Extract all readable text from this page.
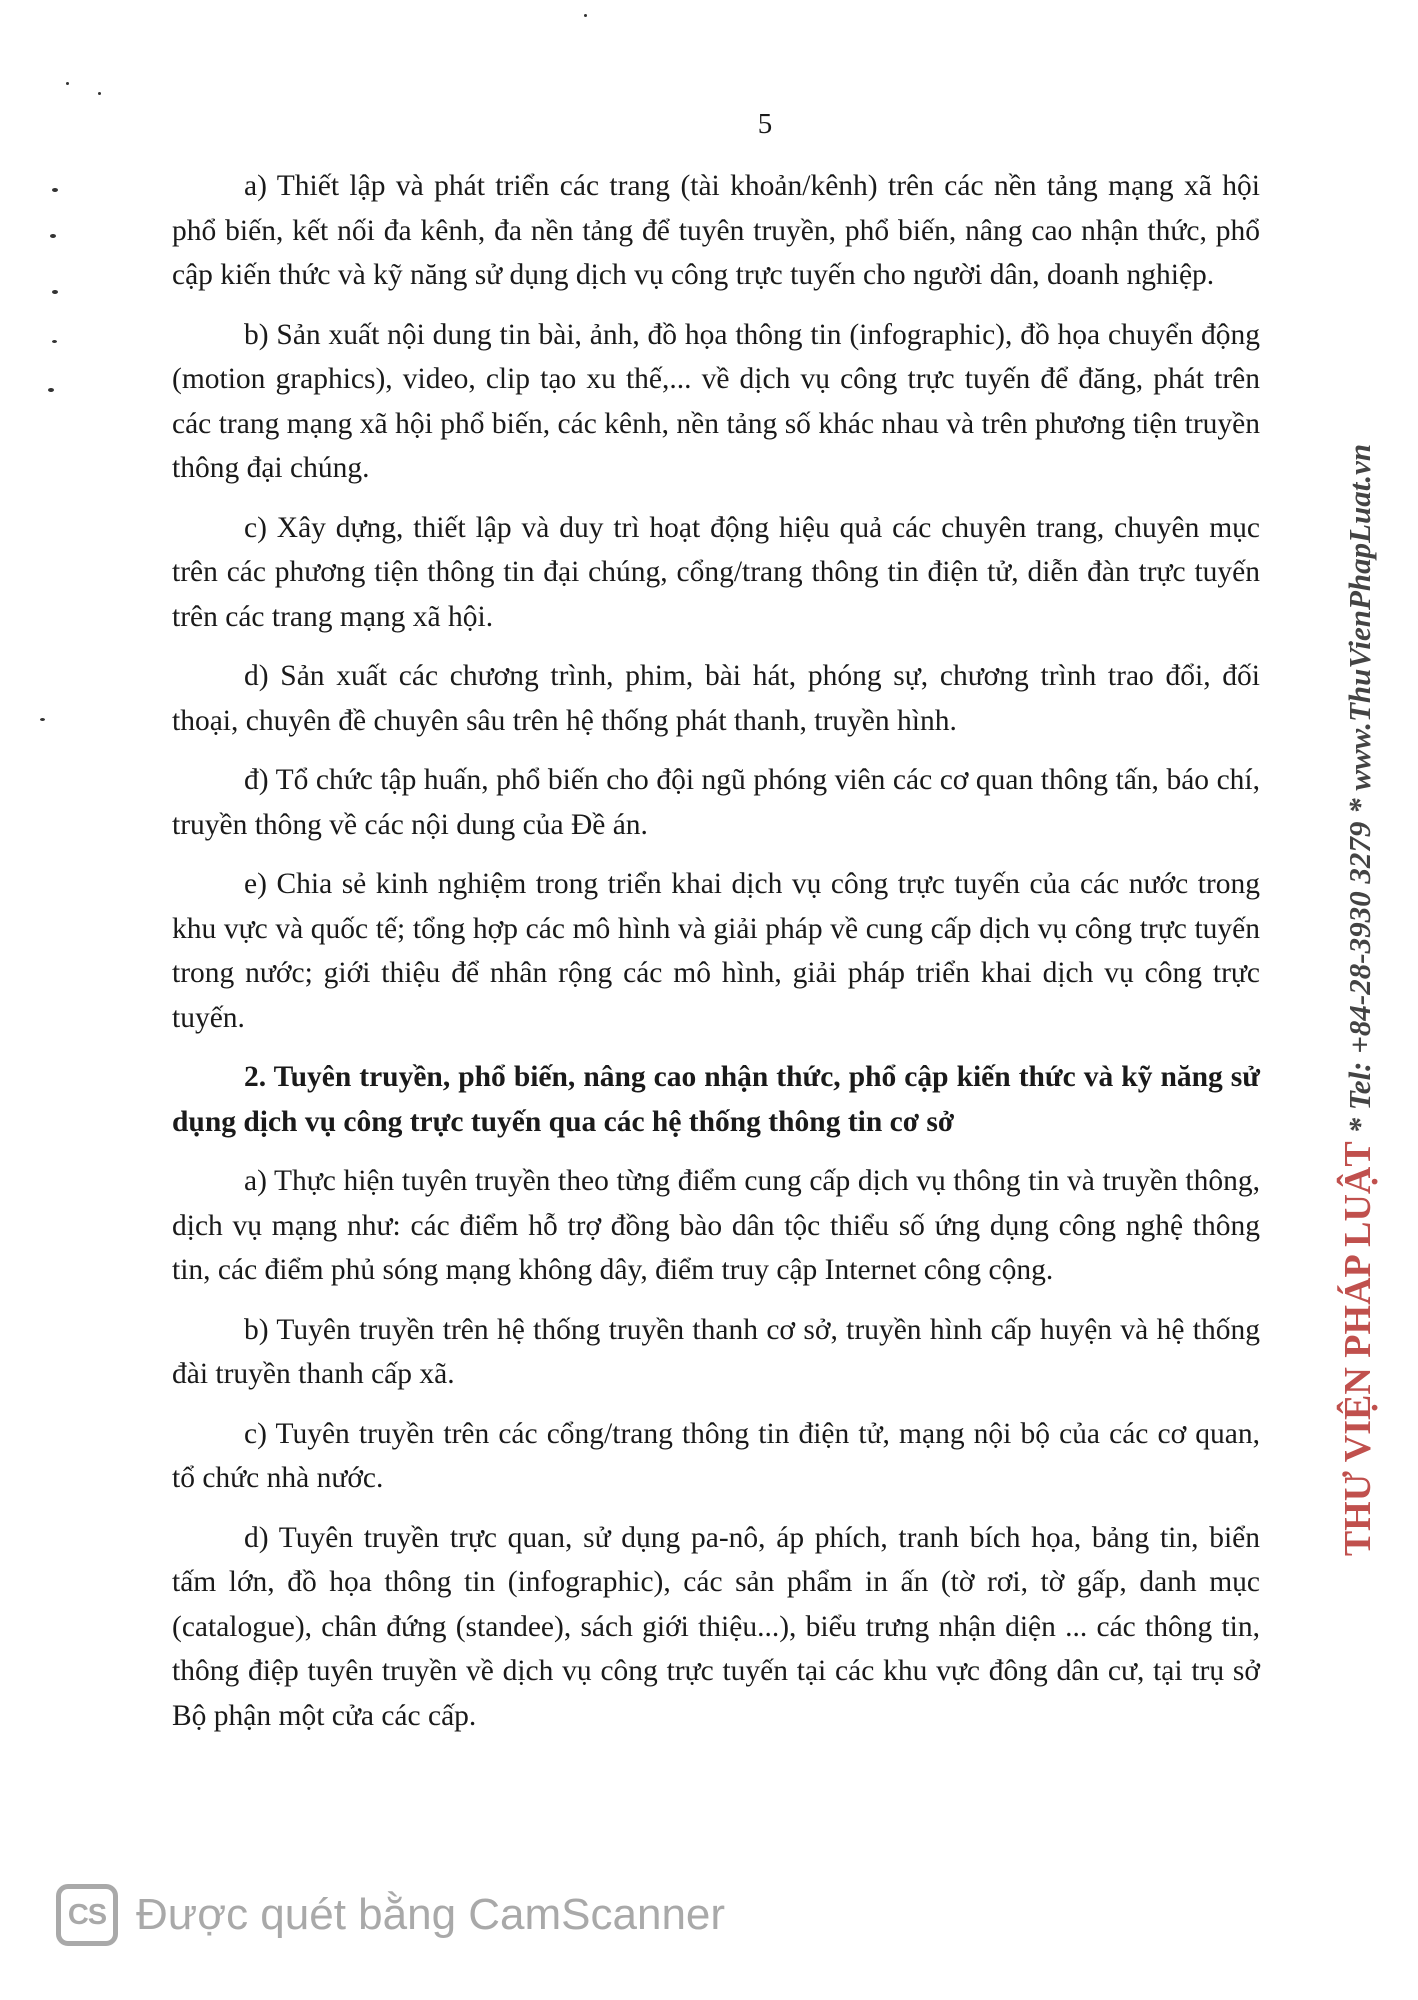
5

a) Thiết lập và phát triển các trang (tài khoản/kênh) trên các nền tảng mạng xã hội phổ biến, kết nối đa kênh, đa nền tảng để tuyên truyền, phổ biến, nâng cao nhận thức, phổ cập kiến thức và kỹ năng sử dụng dịch vụ công trực tuyến cho người dân, doanh nghiệp.

b) Sản xuất nội dung tin bài, ảnh, đồ họa thông tin (infographic), đồ họa chuyển động (motion graphics), video, clip tạo xu thế,... về dịch vụ công trực tuyến để đăng, phát trên các trang mạng xã hội phổ biến, các kênh, nền tảng số khác nhau và trên phương tiện truyền thông đại chúng.

c) Xây dựng, thiết lập và duy trì hoạt động hiệu quả các chuyên trang, chuyên mục trên các phương tiện thông tin đại chúng, cổng/trang thông tin điện tử, diễn đàn trực tuyến trên các trang mạng xã hội.

d) Sản xuất các chương trình, phim, bài hát, phóng sự, chương trình trao đổi, đối thoại, chuyên đề chuyên sâu trên hệ thống phát thanh, truyền hình.

đ) Tổ chức tập huấn, phổ biến cho đội ngũ phóng viên các cơ quan thông tấn, báo chí, truyền thông về các nội dung của Đề án.

e) Chia sẻ kinh nghiệm trong triển khai dịch vụ công trực tuyến của các nước trong khu vực và quốc tế; tổng hợp các mô hình và giải pháp về cung cấp dịch vụ công trực tuyến trong nước; giới thiệu để nhân rộng các mô hình, giải pháp triển khai dịch vụ công trực tuyến.

2. Tuyên truyền, phổ biến, nâng cao nhận thức, phổ cập kiến thức và kỹ năng sử dụng dịch vụ công trực tuyến qua các hệ thống thông tin cơ sở

a) Thực hiện tuyên truyền theo từng điểm cung cấp dịch vụ thông tin và truyền thông, dịch vụ mạng như: các điểm hỗ trợ đồng bào dân tộc thiểu số ứng dụng công nghệ thông tin, các điểm phủ sóng mạng không dây, điểm truy cập Internet công cộng.

b) Tuyên truyền trên hệ thống truyền thanh cơ sở, truyền hình cấp huyện và hệ thống đài truyền thanh cấp xã.

c) Tuyên truyền trên các cổng/trang thông tin điện tử, mạng nội bộ của các cơ quan, tổ chức nhà nước.

d) Tuyên truyền trực quan, sử dụng pa-nô, áp phích, tranh bích họa, bảng tin, biển tấm lớn, đồ họa thông tin (infographic), các sản phẩm in ấn (tờ rơi, tờ gấp, danh mục (catalogue), chân đứng (standee), sách giới thiệu...), biểu trưng nhận diện ... các thông tin, thông điệp tuyên truyền về dịch vụ công trực tuyến tại các khu vực đông dân cư, tại trụ sở Bộ phận một cửa các cấp.

THƯ VIỆN PHÁP LUẬT * Tel: +84-28-3930 3279 * www.ThuVienPhapLuat.vn
CS Được quét bằng CamScanner
